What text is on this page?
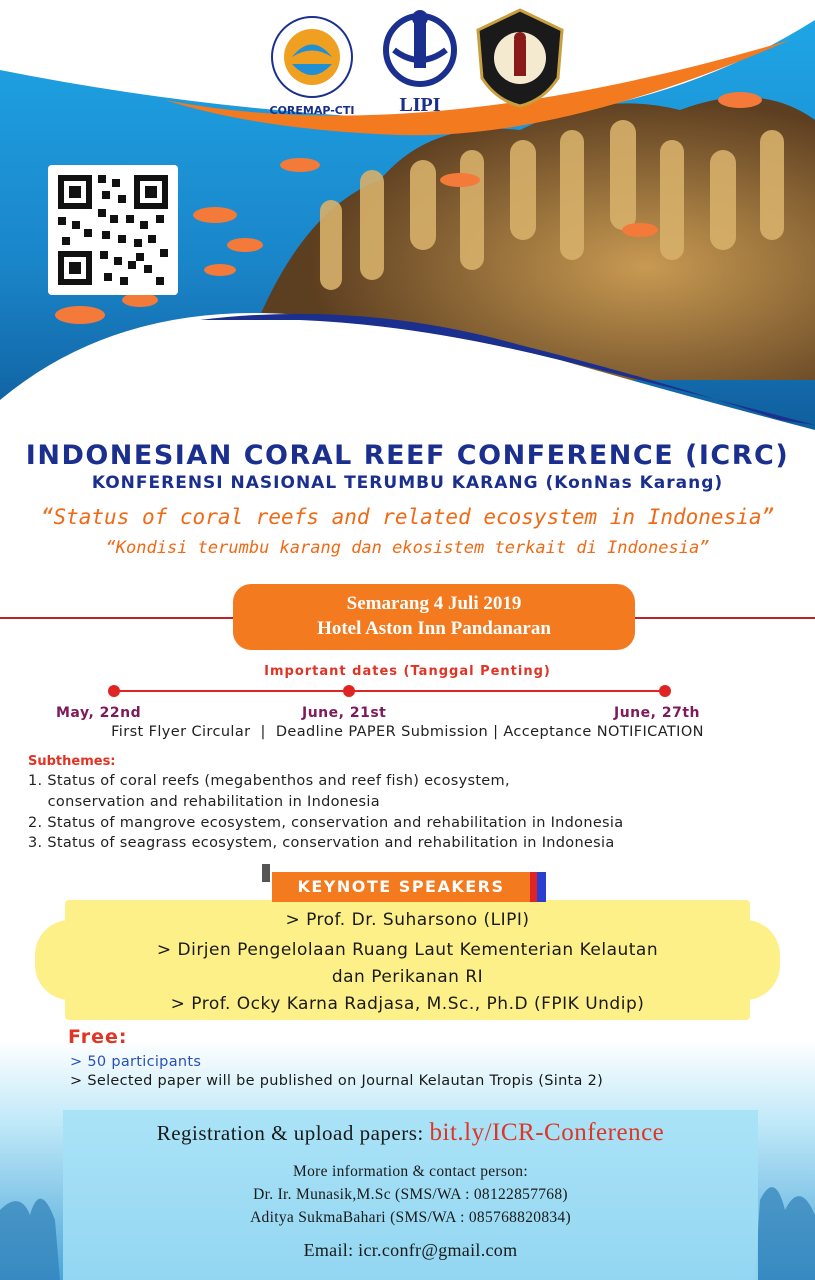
COREMAP-CTI	LIPI
INDONESIAN CORAL REEF CONFERENCE (ICRC)
KONFERENSI NASIONAL TERUMBU KARANG (KonNas Karang)
“Status of coral reefs and related ecosystem in Indonesia”
“Kondisi terumbu karang dan ekosistem terkait di Indonesia”
Semarang 4 Juli 2019
Hotel Aston Inn Pandanaran
Important dates (Tanggal Penting)
May, 22nd	June, 21st	June, 27th
First Flyer Circular  |  Deadline PAPER Submission | Acceptance NOTIFICATION
Subthemes:
1. Status of coral reefs (megabenthos and reef fish) ecosystem,
conservation and rehabilitation in Indonesia
2. Status of mangrove ecosystem, conservation and rehabilitation in Indonesia
3. Status of seagrass ecosystem, conservation and rehabilitation in Indonesia
KEYNOTE SPEAKERS
> Prof. Dr. Suharsono (LIPI)
> Dirjen Pengelolaan Ruang Laut Kementerian Kelautan
dan Perikanan RI
> Prof. Ocky Karna Radjasa, M.Sc., Ph.D (FPIK Undip)
Free:
> 50 participants
> Selected paper will be published on Journal Kelautan Tropis (Sinta 2)
Registration & upload papers: bit.ly/ICR-Conference
More information & contact person:
Dr. Ir. Munasik,M.Sc (SMS/WA : 08122857768)
Aditya SukmaBahari (SMS/WA : 085768820834)
Email: icr.confr@gmail.com
